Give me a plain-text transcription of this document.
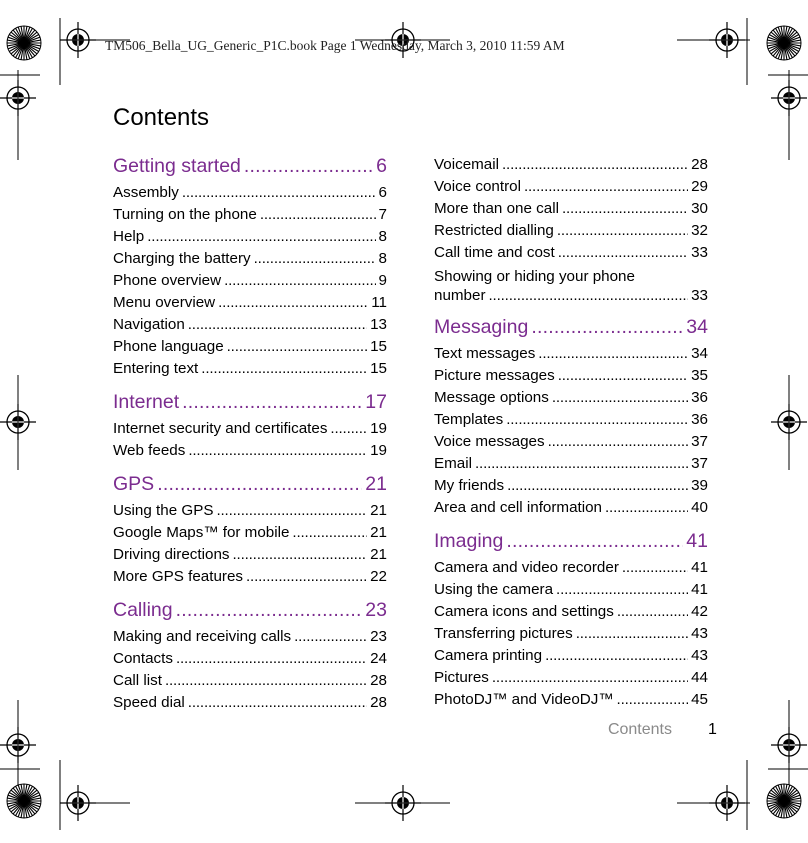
TM506_Bella_UG_Generic_P1C.book Page 1 Wednesday, March 3, 2010 11:59 AM
Contents
Getting started . . .	6
Assembly . . .	6
Turning on the phone . . .	7
Help . . .	8
Charging the battery . . .	8
Phone overview . . .	9
Menu overview . . .	11
Navigation . . .	13
Phone language . . .	15
Entering text . . .	15
Internet . . .	17
Internet security and certificates . . .	19
Web feeds . . .	19
GPS . . .	21
Using the GPS . . .	21
Google Maps™ for mobile . . .	21
Driving directions . . .	21
More GPS features . . .	22
Calling . . .	23
Making and receiving calls . . .	23
Contacts . . .	24
Call list . . .	28
Speed dial . . .	28
Voicemail . . .	28
Voice control . . .	29
More than one call . . .	30
Restricted dialling . . .	32
Call time and cost . . .	33
Showing or hiding your phone
number . . .	33
Messaging . . .	34
Text messages . . .	34
Picture messages . . .	35
Message options . . .	36
Templates . . .	36
Voice messages . . .	37
Email . . .	37
My friends . . .	39
Area and cell information . . .	40
Imaging . . .	41
Camera and video recorder . . .	41
Using the camera . . .	41
Camera icons and settings . . .	42
Transferring pictures . . .	43
Camera printing . . .	43
Pictures . . .	44
PhotoDJ™ and VideoDJ™ . . .	45
Contents 1
